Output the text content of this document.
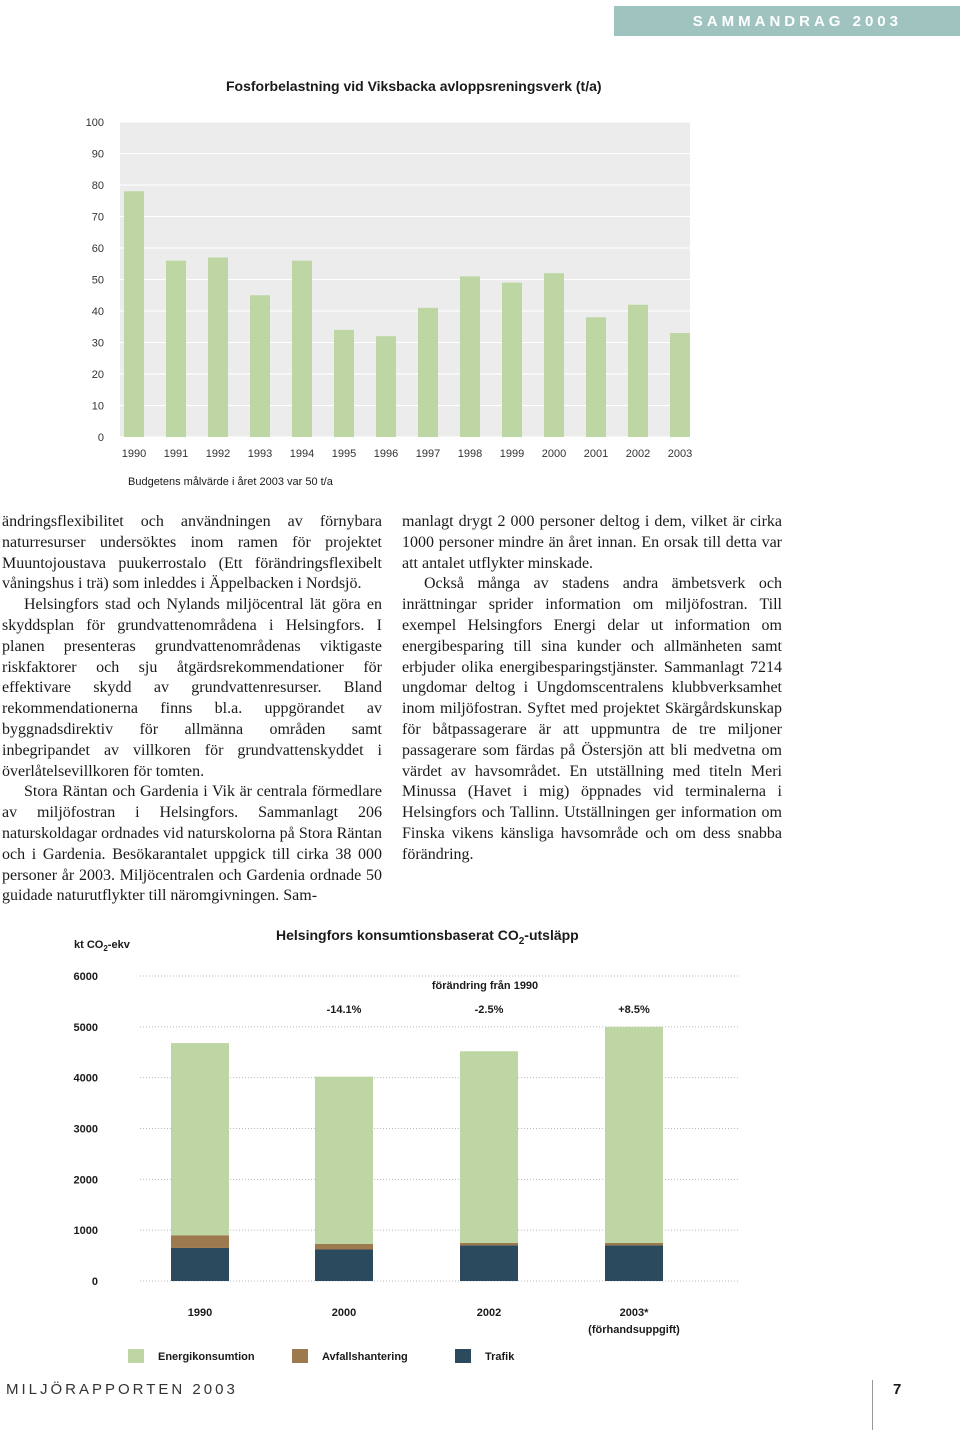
SAMMANDRAG 2003
Fosforbelastning vid Viksbacka avloppsreningsverk (t/a)
0
10
20
30
40
50
60
70
80
90
100
1990 1991 1992 1993 1994 1995 1996 1997 1998 1999 2000 2001 2002 2003
Budgetens målvärde i året 2003 var 50 t/a

ändringsflexibilitet och användningen av förnybara naturresurser undersöktes inom ramen för projektet Muuntojoustava puukerrostalo (Ett förändringsflexibelt våningshus i trä) som inleddes i Äppelbacken i Nordsjö.

Helsingfors stad och Nylands miljöcentral lät göra en skyddsplan för grundvattenområdena i Helsingfors. I planen presenteras grundvattenområdenas viktigaste riskfaktorer och sju åtgärdsrekommendationer för effektivare skydd av grundvattenresurser. Bland rekommendationerna finns bl.a. uppgörandet av byggnadsdirektiv för allmänna områden samt inbegripandet av villkoren för grundvattenskyddet i överlåtelsevillkoren för tomten.

Stora Räntan och Gardenia i Vik är centrala förmedlare av miljöfostran i Helsingfors. Sammanlagt 206 naturskoldagar ordnades vid naturskolorna på Stora Räntan och i Gardenia. Besökarantalet uppgick till cirka 38 000 personer år 2003. Miljöcentralen och Gardenia ordnade 50 guidade naturutflykter till näromgivningen. Sam-

manlagt drygt 2 000 personer deltog i dem, vilket är cirka 1000 personer mindre än året innan. En orsak till detta var att antalet utflykter minskade.

Också många av stadens andra ämbetsverk och inrättningar sprider information om miljöfostran. Till exempel Helsingfors Energi delar ut information om energibesparing till sina kunder och allmänheten samt erbjuder olika energibesparingstjänster. Sammanlagt 7214 ungdomar deltog i Ungdomscentralens klubbverksamhet inom miljöfostran. Syftet med projektet Skärgårdskunskap för båtpassagerare är att uppmuntra de tre miljoner passagerare som färdas på Östersjön att bli medvetna om värdet av havsområdet. En utställning med titeln Meri Minussa (Havet i mig) öppnades vid terminalerna i Helsingfors och Tallinn. Utställningen ger information om Finska vikens känsliga havsområde och om dess snabba förändring.

Helsingfors konsumtionsbaserat $CO_2$-utsläpp
kt $CO_2$-ekv
0
1000
2000
3000
4000
5000
6000
1990	2000	2002	2003*
(förhandsuppgift)
förändring från 1990
-14.1%	-2.5%	+8.5%
Energikonsumtion	Avfallshantering	Trafik
MILJÖRAPPORTEN 2003	7
